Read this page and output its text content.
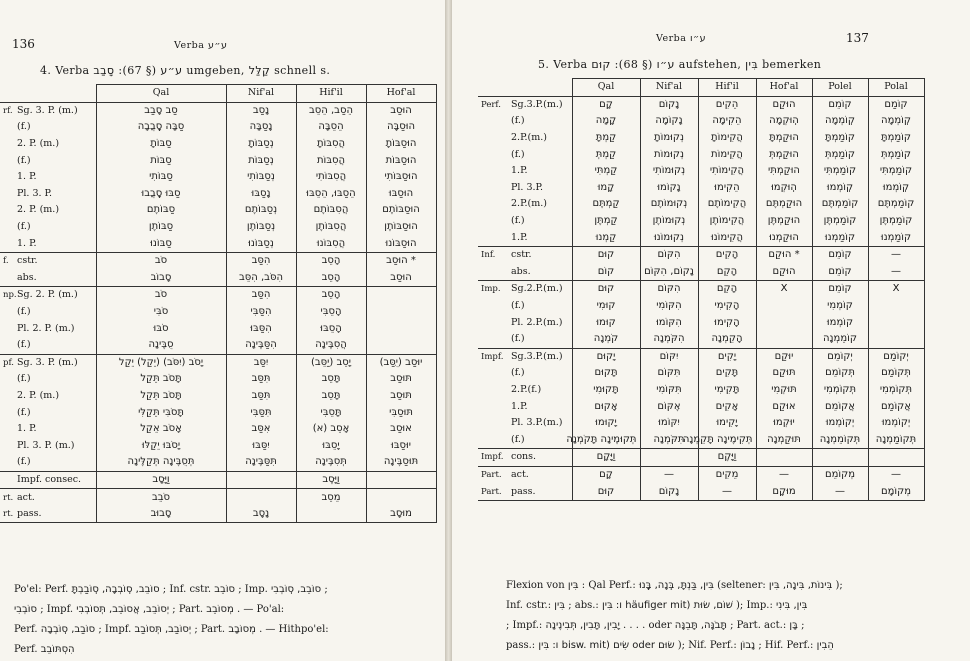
136	Verba ע״ע
4. Verba	ע״ע (§ 67): סָבַב	umgeben, קַלַּל schnell s.
		Qal	Nif'al	Hif'il	Hof'al
rf.	Sg. 3. P. (m.)	סַב סָבַב	נָסַב	הֵסַב, הֵסֵב	הוּסַב
	(f.)	סַבָּה סָֽבֲבָה	נָסַבָּה	הֵסֵבָּה	הוּסַבָּה
	2. P. (m.)	סַבּוֹתָ	נְסַבּוֹתָ	הֲסִבּוֹתָ	הוּסַבּוֹתָ
	(f.)	סַבּוֹת	נְסַבּוֹת	הֲסִבּוֹת	הוּסַבּוֹת
	1. P.	סַבּוֹתִי	נְסַבּוֹתִי	הֲסִבּוֹתִי	הוּסַבּוֹתִי
	Pl. 3. P.	סַבּוּ סָֽבֲבוּ	נָסַבּוּ	הֵסַבּוּ, הֵסֵבּוּ	הוּסַבּוּ
	2. P. (m.)	סַבּוֹתֶם	נְסַבּוֹתֶם	הֲסִבּוֹתֶם	הוּסַבּוֹתֶם
	(f.)	סַבּוֹתֶן	נְסַבּוֹתֶן	הֲסִבּוֹתֶן	הוּסַבּוֹתֶן
	1. P.	סַבּוֹנוּ	נְסַבּוֹנוּ	הֲסִבּוֹנוּ	הוּסַבּוֹנוּ
f.	cstr.	סֹב	הִסַּב	הָסֵב	* הוּסַב
	abs.	סָבוֹב	הִסֹּב, הִסֵּב	הָסֵב	הוּסַב
np.	Sg. 2. P. (m.)	סֹב	הִסַּב	הָסֵב	
	(f.)	סֹבִּי	הִסַּבִּי	הָסֵבִּי	
	Pl. 2. P. (m.)	סֹבּוּ	הִסַּבּוּ	הָסֵבּוּ	
	(f.)	סֻבֶּינָה	הִסַּבֶּינָה	הֲסִבֶּינָה	
pf.	Sg. 3. P. (m.)	יָסֹב (יִסֹּב) (יֵקַל) יֵקַל	יִסַּב	יָסֵב (יַסֵּב)	יוּסַב (יֻסַּב)
	(f.)	תָּסֹב תֵּקַל	תִּסַּב	תָּסֵב	תּוּסַב
	2. P. (m.)	תָּסֹב תֵּקַל	תִּסַּב	תָּסֵב	תּוּסַב
	(f.)	תָּסֹבִּי תֵּקַלִּי	תִּסַּבִּי	תָּסֵבִּי	תּוּסַבִּי
	1. P.	אָסֹב אֵקַל	אִסַּב	אָסֵב (א)	אוּסַב
	Pl. 3. P. (m.)	יָסֹבּוּ יֵקַלּוּ	יִסַּבּוּ	יָסֵבּוּ	יוּסַבּוּ
	(f.)	תְּסֻבֶּינָה תְּקַלֶּינָה	תִּסַּבֶּינָה	תְּסִבֶּינָה	תּוּסַבֶּינָה
	Impf. consec.	וַיָּסָב		וַיָּסֶב	
rt.	act.	סֹבֵב		מֵסֵב	
rt.	pass.	סָבוּב	נָסָב		מוּסָב
Po'el: Perf. סוֹבֵב, סֽוֹבְבָה, סֽוֹבַבְתָּ ; Inf. cstr. סוֹבֵב ; Imp. סוֹבֵב, סֽוֹבְבִי ;
סוֹבְבִי ; Impf. יְסוֹבֵב, אֲסוֹבֵב, תְּסוֹבְבִי ; Part. מְסוֹבֵב . — Po'al:
Perf. סוֹבַב, סֽוֹבְבָה ; Impf. יְסוֹבַב, תְּסוֹבַב ; Part. מְסוֹבָב . — Hithpo'el:
Perf. הִסְתּוֹבֵב
Verba ע״ו	137
5. Verba	ע״ו (§ 68): קוּם	aufstehen, בִּין bemerken
		Qal	Nif'al	Hif'il	Hof'al	Polel	Polal
Perf.	Sg.3.P.(m.)	קָם	נָקוֹם	הֵקִים	הוּקַם	קוֹמֵם	קוֹמַם
	(f.)	קָמָה	נָקוֹמָה	הֵקִימָה	הֽוּקְמָה	קֽוֹמְמָה	קֽוֹמְמָה
	2.P.(m.)	קַמְתָּ	נְקוּמוֹתָ	הֲקִימוֹתָ	הוּקַמְתָּ	קוֹמַמְתָּ	קוֹמַמְתָּ
	(f.)	קַמְתְּ	נְקוּמוֹת	הֲקִימוֹת	הוּקַמְתְּ	קוֹמַמְתְּ	קוֹמַמְתְּ
	1.P.	קַמְתִּי	נְקוּמוֹתִי	הֲקִימוֹתִי	הוּקַמְתִּי	קוֹמַמְתִּי	קוֹמַמְתִּי
	Pl. 3.P.	קָמוּ	נָקוֹמוּ	הֵקִימוּ	הֽוּקְמוּ	קֽוֹמְמוּ	קֽוֹמְמוּ
	2.P.(m.)	קַמְתֶּם	נְקוּמוֹתֶם	הֲקִימוֹתֶם	הוּקַמְתֶּם	קוֹמַמְתֶּם	קוֹמַמְתֶּם
	(f.)	קַמְתֶּן	נְקוּמוֹתֶן	הֲקִימוֹתֶן	הוּקַמְתֶּן	קוֹמַמְתֶּן	קוֹמַמְתֶּן
	1.P.	קַמְנוּ	נְקוּמוֹנוּ	הֲקִימוֹנוּ	הוּקַמְנוּ	קוֹמַמְנוּ	קוֹמַמְנוּ
Inf.	cstr.	קוּם	הִקּוֹם	הָקִים	* הוּקַם	קוֹמֵם	—
	abs.	קוֹם	נָקוֹם, הִקּוֹם	הָקֵם	הוּקַם	קוֹמֵם	—
Imp.	Sg.2.P.(m.)	קוּם	הִקּוֹם	הָקֵם	X	קוֹמֵם	X
	(f.)	קוּמִי	הִקּוֹמִי	הָקִימִי		קוֹמְמִי	
	Pl. 2.P.(m.)	קוּמוּ	הִקּוֹמוּ	הָקִימוּ		קוֹמְמוּ	
	(f.)	קֹמְנָה	הִקֹּמְנָה	הָקֵמְנָה		קוֹמֵמְנָה	
Impf.	Sg.3.P.(m.)	יָקוּם	יִקּוֹם	יָקִים	יוּקַם	יְקוֹמֵם	יְקוֹמַם
	(f.)	תָּקוּם	תִּקּוֹם	תָּקִים	תּוּקַם	תְּקוֹמֵם	תְּקוֹמַם
	2.P.(f.)	תָּקוּמִי	תִּקּוֹמִי	תָּקִימִי	תּוּקְמִי	תְּקוֹמְמִי	תְּקוֹמְמִי
	1.P.	אָקוּם	אֶקּוֹם	אָקִים	אוּקַם	אֲקוֹמֵם	אֲקוֹמַם
	Pl. 3.P.(m.)	יָקוּמוּ	יִקּוֹמוּ	יָקִימוּ	יוּקְמוּ	יְקוֹמְמוּ	יְקוֹמְמוּ
	(f.)	תְּקוּמֶינָה תָּקֹמְנָה	תִּקֹּמְנָה	תְּקִימֶינָה תָּקֵמְנָה	תּוּקַמְנָה	תְּקוֹמֵמְנָה	תְּקוֹמַמְנָה
Impf.	cons.	וַיָּקָם		וַיָּקֶם			
Part.	act.	קָם	—	מֵקִים	—	מְקוֹמֵם	—
Part.	pass.	קוּם	נָקוֹם	—	מוּקָם	—	מְקוֹמָם
Flexion von בִּין : Qal Perf.: בִּין, בַּנְתָּ, בִּֽנָה, בָּֽנוּ (seltener: בִּינוֹת, בִּינָה, בִּין );
Inf. cstr.: בִּין ; abs.: בִּין (häufiger mit ו: שׁוֹם, שׂוּת ); Imp.: בִּין, בִּינִי
; Impf.: יָבִין, תָּבִין, תְּבִינֶינָה . . . . oder תָּבֹנָּה, תָּבֵנָּה ; Part. act.: בָּן ;
pass.: בִּין (bisw. mit ו: שׂוּם oder שִׂים ); Nif. Perf.: נָבוֹן ; Hif. Perf.: הֵבִין
